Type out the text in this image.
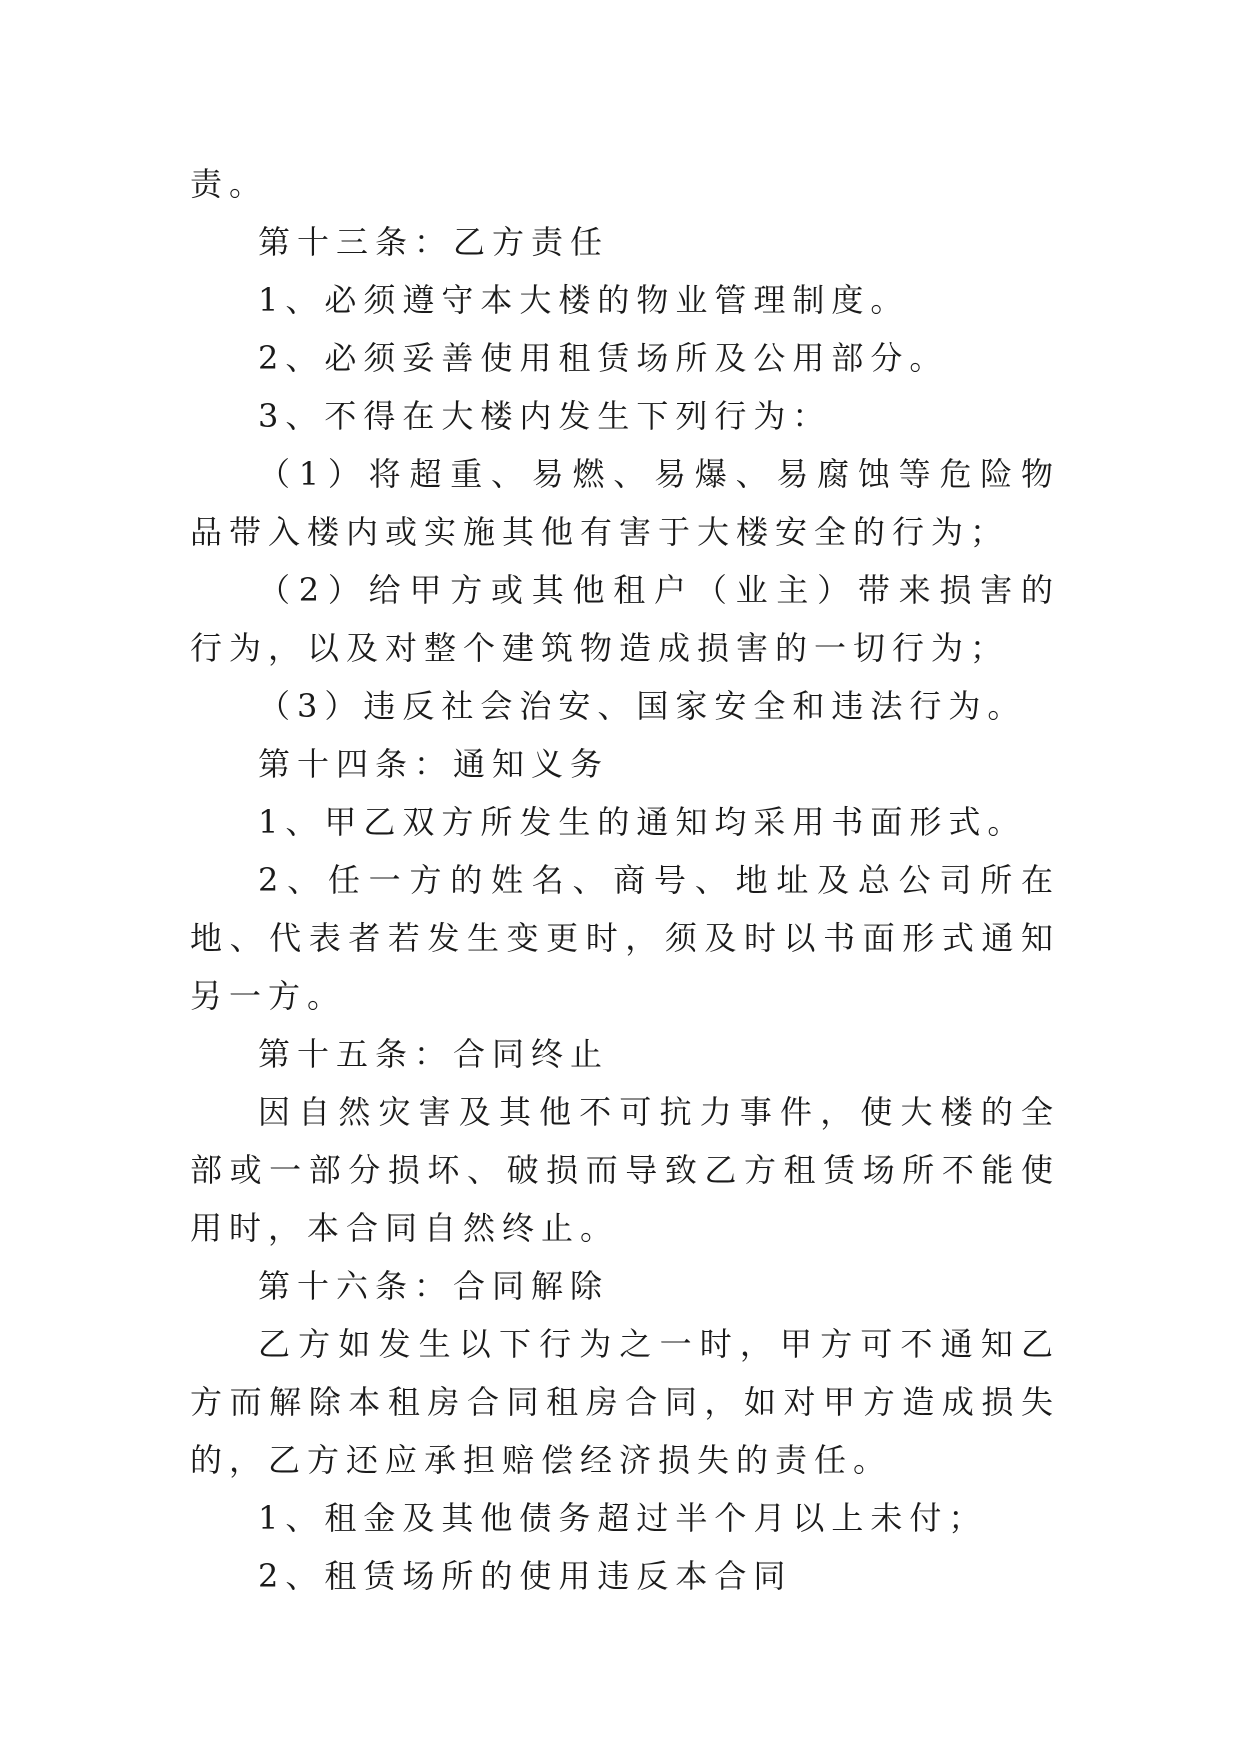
责。

第十三条：乙方责任

1、必须遵守本大楼的物业管理制度。

2、必须妥善使用租赁场所及公用部分。

3、不得在大楼内发生下列行为：

（1）将超重、易燃、易爆、易腐蚀等危险物品带入楼内或实施其他有害于大楼安全的行为；

（2）给甲方或其他租户（业主）带来损害的行为，以及对整个建筑物造成损害的一切行为；

（3）违反社会治安、国家安全和违法行为。

第十四条：通知义务

1、甲乙双方所发生的通知均采用书面形式。

2、任一方的姓名、商号、地址及总公司所在地、代表者若发生变更时，须及时以书面形式通知另一方。

第十五条：合同终止

因自然灾害及其他不可抗力事件，使大楼的全部或一部分损坏、破损而导致乙方租赁场所不能使用时，本合同自然终止。

第十六条：合同解除

乙方如发生以下行为之一时，甲方可不通知乙方而解除本租房合同租房合同，如对甲方造成损失的，乙方还应承担赔偿经济损失的责任。

1、租金及其他债务超过半个月以上未付；

2、租赁场所的使用违反本合同
